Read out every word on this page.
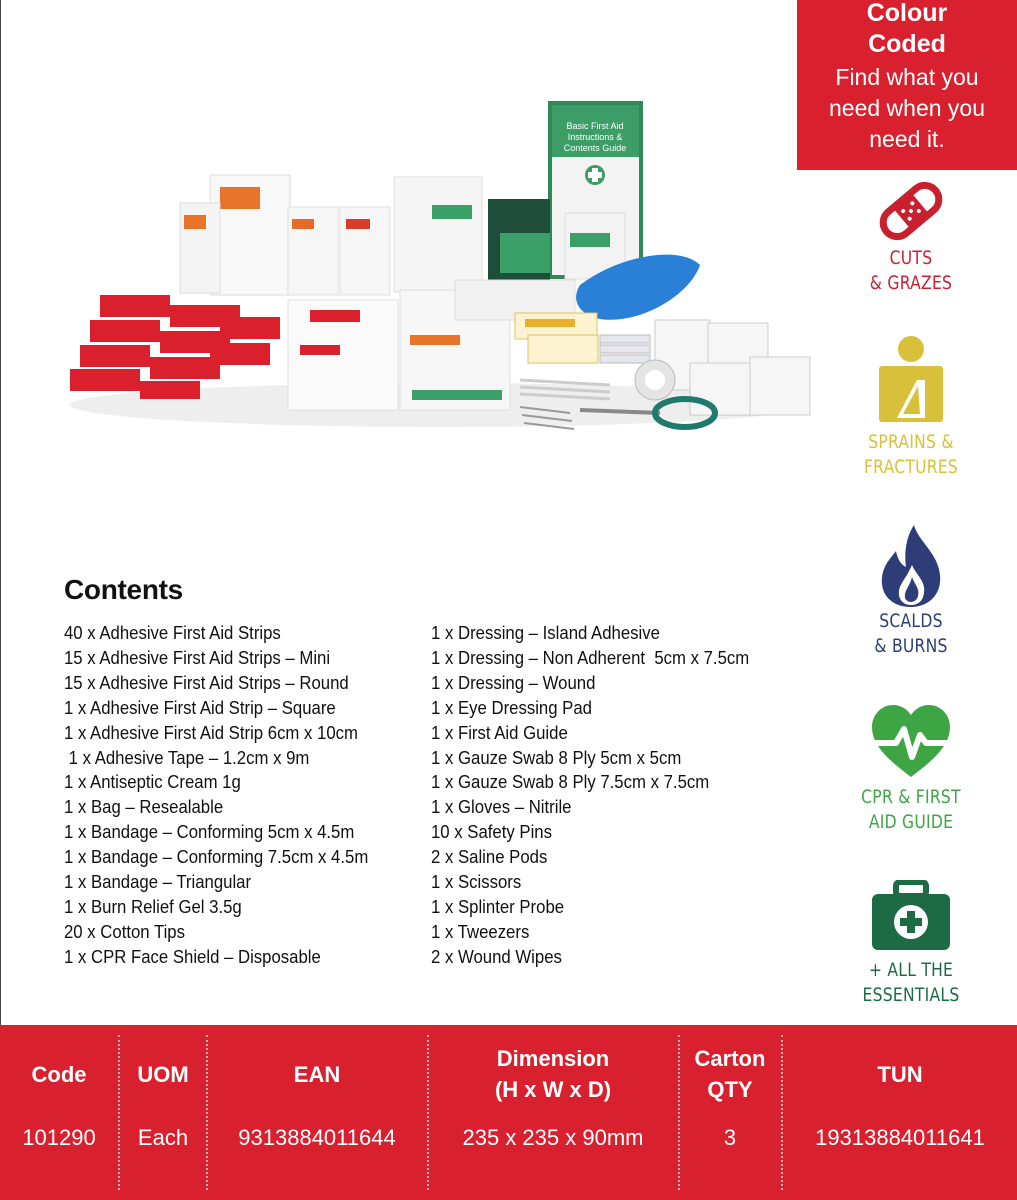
Colour
Coded
Find what you
need when you
need it.
CUTS
& GRAZES
SPRAINS &
FRACTURES
SCALDS
& BURNS
CPR & FIRST
AID GUIDE
+ ALL THE
ESSENTIALS
Basic First Aid
Instructions &
Contents Guide
Contents
40 x Adhesive First Aid Strips
15 x Adhesive First Aid Strips – Mini
15 x Adhesive First Aid Strips – Round
1 x Adhesive First Aid Strip – Square
1 x Adhesive First Aid Strip 6cm x 10cm
1 x Adhesive Tape – 1.2cm x 9m
1 x Antiseptic Cream 1g
1 x Bag – Resealable
1 x Bandage – Conforming 5cm x 4.5m
1 x Bandage – Conforming 7.5cm x 4.5m
1 x Bandage – Triangular
1 x Burn Relief Gel 3.5g
20 x Cotton Tips
1 x CPR Face Shield – Disposable
1 x Dressing – Island Adhesive
1 x Dressing – Non Adherent  5cm x 7.5cm
1 x Dressing – Wound
1 x Eye Dressing Pad
1 x First Aid Guide
1 x Gauze Swab 8 Ply 5cm x 5cm
1 x Gauze Swab 8 Ply 7.5cm x 7.5cm
1 x Gloves – Nitrile
10 x Safety Pins
2 x Saline Pods
1 x Scissors
1 x Splinter Probe
1 x Tweezers
2 x Wound Wipes
Code
101290
UOM
Each
EAN
9313884011644
Dimension
(H x W x D)
235 x 235 x 90mm
Carton
QTY
3
TUN
19313884011641
